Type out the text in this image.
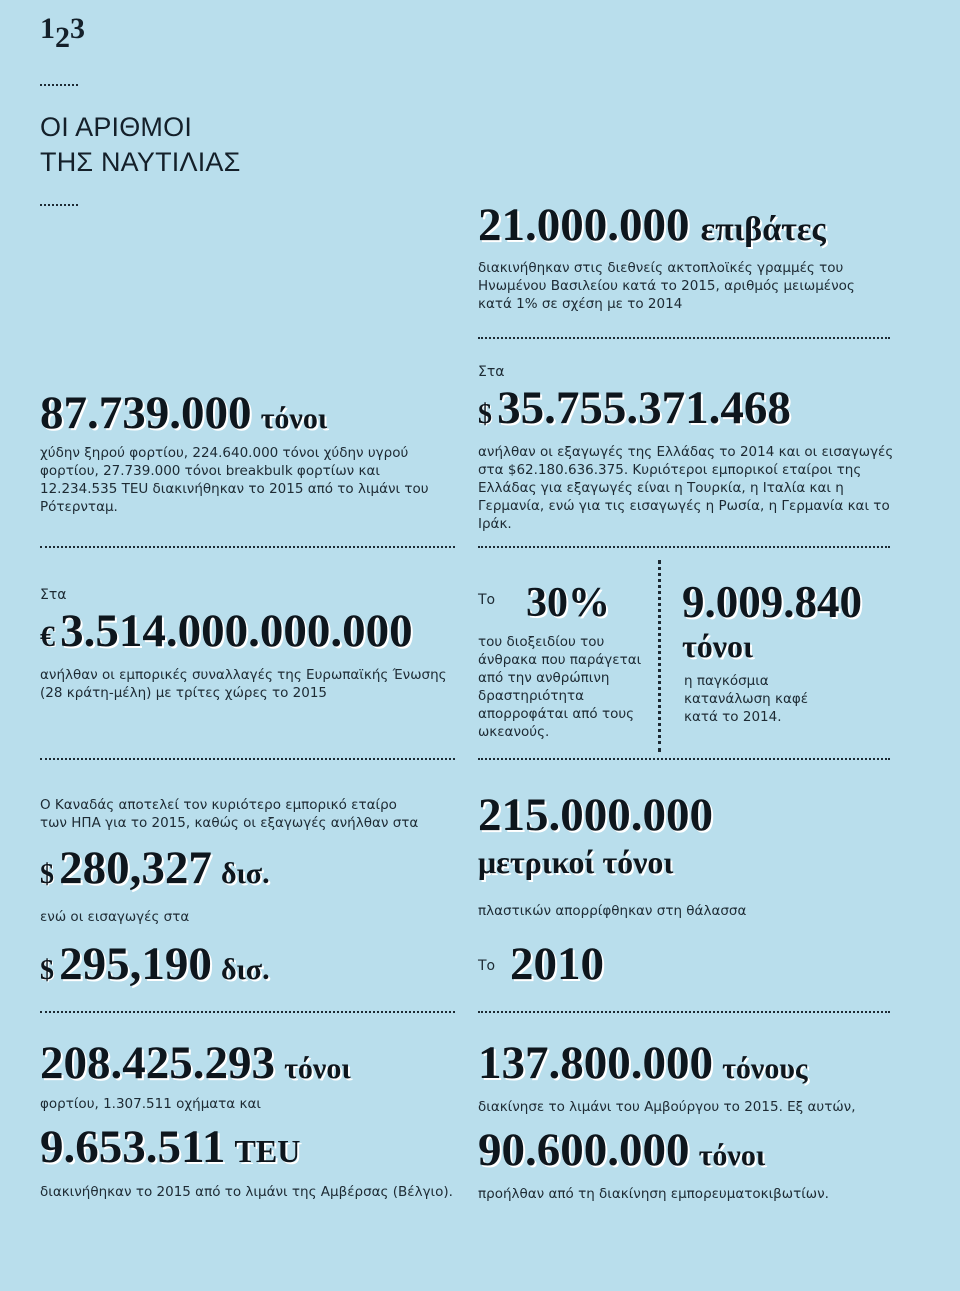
123
ΟΙ ΑΡΙΘΜΟΙ
ΤΗΣ ΝΑΥΤΙΛΙΑΣ
21.000.000 επιβάτες
διακινήθηκαν στις διεθνείς ακτοπλοϊκές γραμμές του Ηνωμένου Βασιλείου κατά το 2015, αριθμός μειωμένος κατά 1% σε σχέση με το 2014
Στα
$ 35.755.371.468
ανήλθαν οι εξαγωγές της Ελλάδας το 2014 και οι εισαγωγές στα $62.180.636.375. Κυριότεροι εμπορικοί εταίροι της Ελλάδας για εξαγωγές είναι η Τουρκία, η Ιταλία και η Γερμανία, ενώ για τις εισαγωγές η Ρωσία, η Γερμανία και το Ιράκ.
87.739.000 τόνοι
χύδην ξηρού φορτίου, 224.640.000 τόνοι χύδην υγρού φορτίου, 27.739.000 τόνοι breakbulk φορτίων και 12.234.535 TEU διακινήθηκαν το 2015 από το λιμάνι του Ρότερνταμ.
Στα
€ 3.514.000.000.000
ανήλθαν οι εμπορικές συναλλαγές της Ευρωπαϊκής Ένωσης (28 κράτη-μέλη) με τρίτες χώρες το 2015
Το 30%
του διοξειδίου του άνθρακα που παράγεται από την ανθρώπινη δραστηριότητα απορροφάται από τους ωκεανούς.
9.009.840
τόνοι
η παγκόσμια κατανάλωση καφέ κατά το 2014.
Ο Καναδάς αποτελεί τον κυριότερο εμπορικό εταίρο των ΗΠΑ για το 2015, καθώς οι εξαγωγές ανήλθαν στα
$ 280,327 δισ.
ενώ οι εισαγωγές στα
$ 295,190 δισ.
215.000.000
μετρικοί τόνοι
πλαστικών απορρίφθηκαν στη θάλασσα
Το 2010
208.425.293 τόνοι
φορτίου, 1.307.511 οχήματα και
9.653.511 TEU
διακινήθηκαν το 2015 από το λιμάνι της Αμβέρσας (Βέλγιο).
137.800.000 τόνους
διακίνησε το λιμάνι του Αμβούργου το 2015. Εξ αυτών,
90.600.000 τόνοι
προήλθαν από τη διακίνηση εμπορευματοκιβωτίων.
